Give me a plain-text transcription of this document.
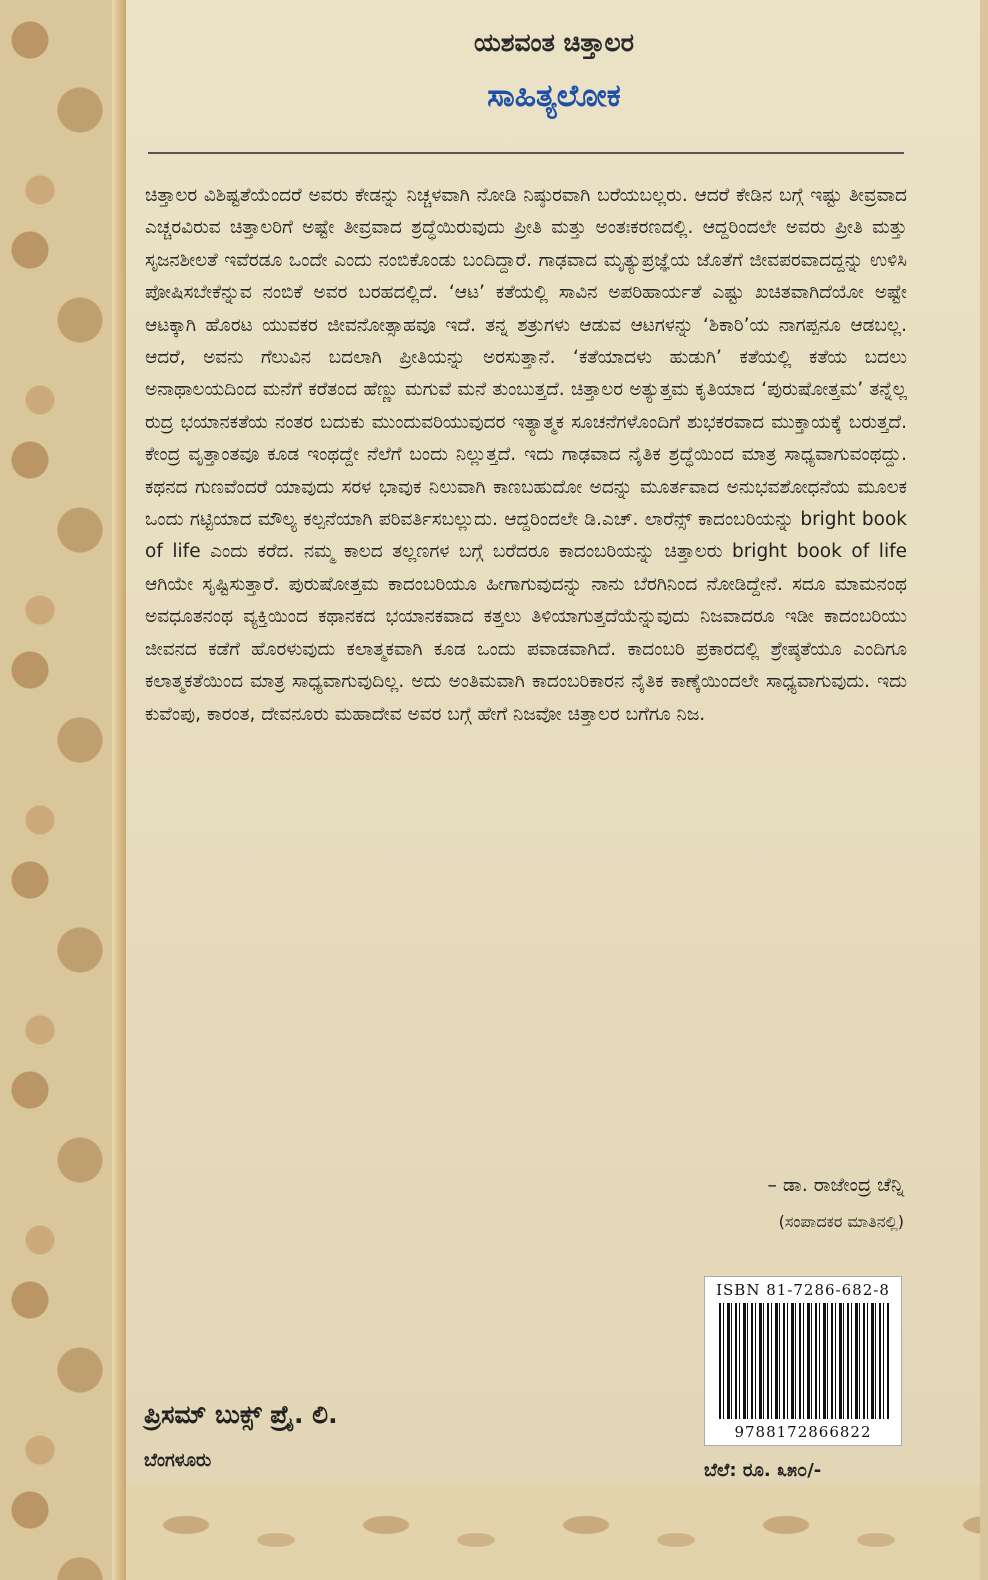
ಯಶವಂತ ಚಿತ್ತಾಲರ
ಸಾಹಿತ್ಯಲೋಕ

ಚಿತ್ತಾಲರ ವಿಶಿಷ್ಟತೆಯೆಂದರೆ ಅವರು ಕೇಡನ್ನು ನಿಚ್ಚಳವಾಗಿ ನೋಡಿ ನಿಷ್ಠುರವಾಗಿ ಬರೆಯಬಲ್ಲರು. ಆದರೆ ಕೇಡಿನ ಬಗ್ಗೆ ಇಷ್ಟು ತೀವ್ರವಾದ ಎಚ್ಚರವಿರುವ ಚಿತ್ತಾಲರಿಗೆ ಅಷ್ಟೇ ತೀವ್ರವಾದ ಶ್ರದ್ಧೆಯಿರುವುದು ಪ್ರೀತಿ ಮತ್ತು ಅಂತಃಕರಣದಲ್ಲಿ. ಆದ್ದರಿಂದಲೇ ಅವರು ಪ್ರೀತಿ ಮತ್ತು ಸೃಜನಶೀಲತೆ ಇವೆರಡೂ ಒಂದೇ ಎಂದು ನಂಬಿಕೊಂಡು ಬಂದಿದ್ದಾರೆ. ಗಾಢವಾದ ಮೃತ್ಯುಪ್ರಜ್ಞೆಯ ಜೊತೆಗೆ ಜೀವಪರವಾದದ್ದನ್ನು ಉಳಿಸಿ ಪೋಷಿಸಬೇಕೆನ್ನುವ ನಂಬಿಕೆ ಅವರ ಬರಹದಲ್ಲಿದೆ. ‘ಆಟ’ ಕತೆಯಲ್ಲಿ ಸಾವಿನ ಅಪರಿಹಾರ್ಯತೆ ಎಷ್ಟು ಖಚಿತವಾಗಿದೆಯೋ ಅಷ್ಟೇ ಆಟಕ್ಕಾಗಿ ಹೊರಟ ಯುವಕರ ಜೀವನೋತ್ಸಾಹವೂ ಇದೆ. ತನ್ನ ಶತ್ರುಗಳು ಆಡುವ ಆಟಗಳನ್ನು ‘ಶಿಕಾರಿ’ಯ ನಾಗಪ್ಪನೂ ಆಡಬಲ್ಲ. ಆದರೆ, ಅವನು ಗೆಲುವಿನ ಬದಲಾಗಿ ಪ್ರೀತಿಯನ್ನು ಅರಸುತ್ತಾನೆ. ‘ಕತೆಯಾದಳು ಹುಡುಗಿ’ ಕತೆಯಲ್ಲಿ ಕತೆಯ ಬದಲು ಅನಾಥಾಲಯದಿಂದ ಮನೆಗೆ ಕರೆತಂದ ಹೆಣ್ಣು ಮಗುವೆ ಮನೆ ತುಂಬುತ್ತದೆ. ಚಿತ್ತಾಲರ ಅತ್ಯುತ್ತಮ ಕೃತಿಯಾದ ‘ಪುರುಷೋತ್ತಮ’ ತನ್ನೆಲ್ಲ ರುದ್ರ ಭಯಾನಕತೆಯ ನಂತರ ಬದುಕು ಮುಂದುವರಿಯುವುದರ ಇತ್ಯಾತ್ಮಕ ಸೂಚನೆಗಳೊಂದಿಗೆ ಶುಭಕರವಾದ ಮುಕ್ತಾಯಕ್ಕೆ ಬರುತ್ತದೆ. ಕೇಂದ್ರ ವೃತ್ತಾಂತವೂ ಕೂಡ ಇಂಥದ್ದೇ ನೆಲೆಗೆ ಬಂದು ನಿಲ್ಲುತ್ತದೆ. ಇದು ಗಾಢವಾದ ನೈತಿಕ ಶ್ರದ್ಧೆಯಿಂದ ಮಾತ್ರ ಸಾಧ್ಯವಾಗುವಂಥದ್ದು. ಕಥನದ ಗುಣವೆಂದರೆ ಯಾವುದು ಸರಳ ಭಾವುಕ ನಿಲುವಾಗಿ ಕಾಣಬಹುದೋ ಅದನ್ನು ಮೂರ್ತವಾದ ಅನುಭವಶೋಧನೆಯ ಮೂಲಕ ಒಂದು ಗಟ್ಟಿಯಾದ ಮೌಲ್ಯ ಕಲ್ಪನೆಯಾಗಿ ಪರಿವರ್ತಿಸಬಲ್ಲುದು. ಆದ್ದರಿಂದಲೇ ಡಿ.ಎಚ್. ಲಾರೆನ್ಸ್ ಕಾದಂಬರಿಯನ್ನು bright book of life ಎಂದು ಕರೆದ. ನಮ್ಮ ಕಾಲದ ತಲ್ಲಣಗಳ ಬಗ್ಗೆ ಬರೆದರೂ ಕಾದಂಬರಿಯನ್ನು ಚಿತ್ತಾಲರು bright book of life ಆಗಿಯೇ ಸೃಷ್ಟಿಸುತ್ತಾರೆ. ಪುರುಷೋತ್ತಮ ಕಾದಂಬರಿಯೂ ಹೀಗಾಗುವುದನ್ನು ನಾನು ಬೆರಗಿನಿಂದ ನೋಡಿದ್ದೇನೆ. ಸದೂ ಮಾಮನಂಥ ಅವಧೂತನಂಥ ವ್ಯಕ್ತಿಯಿಂದ ಕಥಾನಕದ ಭಯಾನಕವಾದ ಕತ್ತಲು ತಿಳಿಯಾಗುತ್ತದೆಯೆನ್ನುವುದು ನಿಜವಾದರೂ ಇಡೀ ಕಾದಂಬರಿಯು ಜೀವನದ ಕಡೆಗೆ ಹೊರಳುವುದು ಕಲಾತ್ಮಕವಾಗಿ ಕೂಡ ಒಂದು ಪವಾಡವಾಗಿದೆ. ಕಾದಂಬರಿ ಪ್ರಕಾರದಲ್ಲಿ ಶ್ರೇಷ್ಠತೆಯೂ ಎಂದಿಗೂ ಕಲಾತ್ಮಕತೆಯಿಂದ ಮಾತ್ರ ಸಾಧ್ಯವಾಗುವುದಿಲ್ಲ. ಅದು ಅಂತಿಮವಾಗಿ ಕಾದಂಬರಿಕಾರನ ನೈತಿಕ ಕಾಣ್ಕೆಯಿಂದಲೇ ಸಾಧ್ಯವಾಗುವುದು. ಇದು ಕುವೆಂಪು, ಕಾರಂತ, ದೇವನೂರು ಮಹಾದೇವ ಅವರ ಬಗ್ಗೆ ಹೇಗೆ ನಿಜವೋ ಚಿತ್ತಾಲರ ಬಗೆಗೂ ನಿಜ.

– ಡಾ. ರಾಜೇಂದ್ರ ಚೆನ್ನಿ
(ಸಂಪಾದಕರ ಮಾತಿನಲ್ಲಿ)
ISBN 81-7286-682-8
9788172866822
ಬೆಲೆ: ರೂ. ೩೫೦/-
ಪ್ರಿಸಮ್ ಬುಕ್ಸ್ ಪ್ರೈ. ಲಿ.
ಬೆಂಗಳೂರು
